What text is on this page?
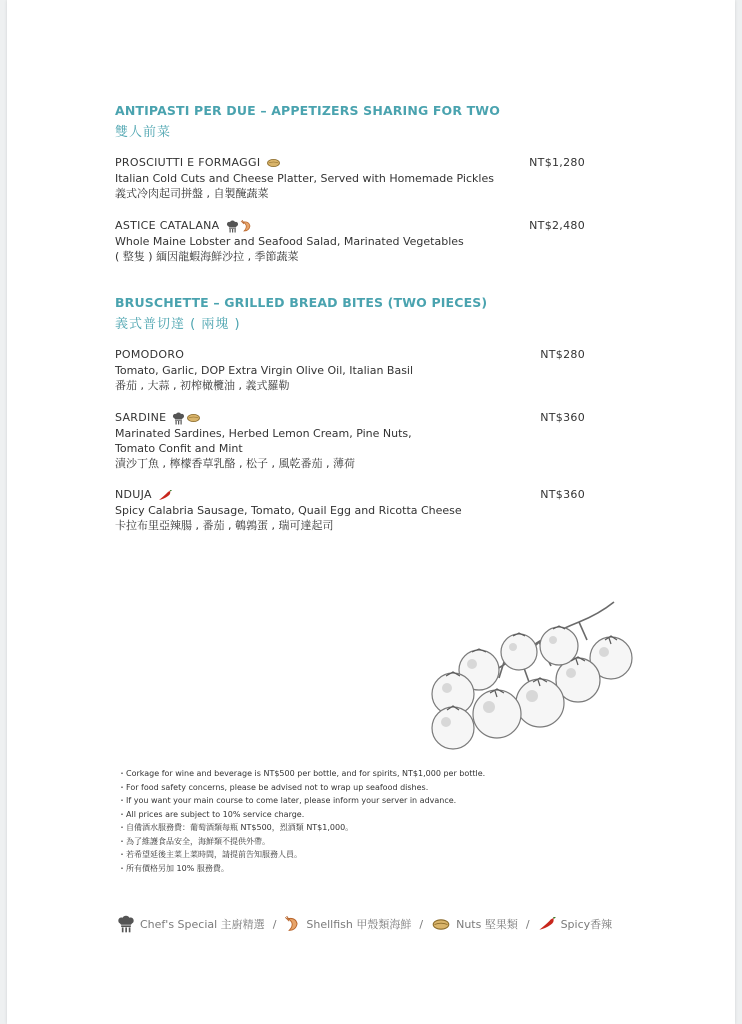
ANTIPASTI PER DUE – APPETIZERS SHARING FOR TWO
雙人前菜
PROSCIUTTI E FORMAGGI	NT$1,280
Italian Cold Cuts and Cheese Platter, Served with Homemade Pickles
義式冷肉起司拼盤 , 自製醃蔬菜
ASTICE CATALANA	NT$2,480
Whole Maine Lobster and Seafood Salad, Marinated Vegetables
( 整隻 ) 緬因龍蝦海鮮沙拉 , 季節蔬菜
BRUSCHETTE – GRILLED BREAD BITES (TWO PIECES)
義式普切達 ( 兩塊 )
POMODORO	NT$280
Tomato, Garlic, DOP Extra Virgin Olive Oil, Italian Basil
番茄 , 大蒜 , 初榨橄欖油 , 義式羅勒
SARDINE	NT$360
Marinated Sardines, Herbed Lemon Cream, Pine Nuts,
Tomato Confit and Mint
漬沙丁魚 , 檸檬香草乳酪 , 松子 , 風乾番茄 , 薄荷
NDUJA	NT$360
Spicy Calabria Sausage, Tomato, Quail Egg and Ricotta Cheese
卡拉布里亞辣腸 , 番茄 , 鵪鶉蛋 , 瑞可達起司
・Corkage for wine and beverage is NT$500 per bottle, and for spirits, NT$1,000 per bottle.
・For food safety concerns, please be advised not to wrap up seafood dishes.
・If you want your main course to come later, please inform your server in advance.
・All prices are subject to 10% service charge.
・自備酒水服務費：葡萄酒類每瓶 NT$500，烈酒類 NT$1,000。
・為了維護食品安全，海鮮類不提供外帶。
・若希望延後主菜上菜時間，請提前告知服務人員。
・所有價格另加 10% 服務費。
Chef's Special 主廚精選 /	Shellfish 甲殼類海鮮 /	Nuts 堅果類 /	Spicy香辣
